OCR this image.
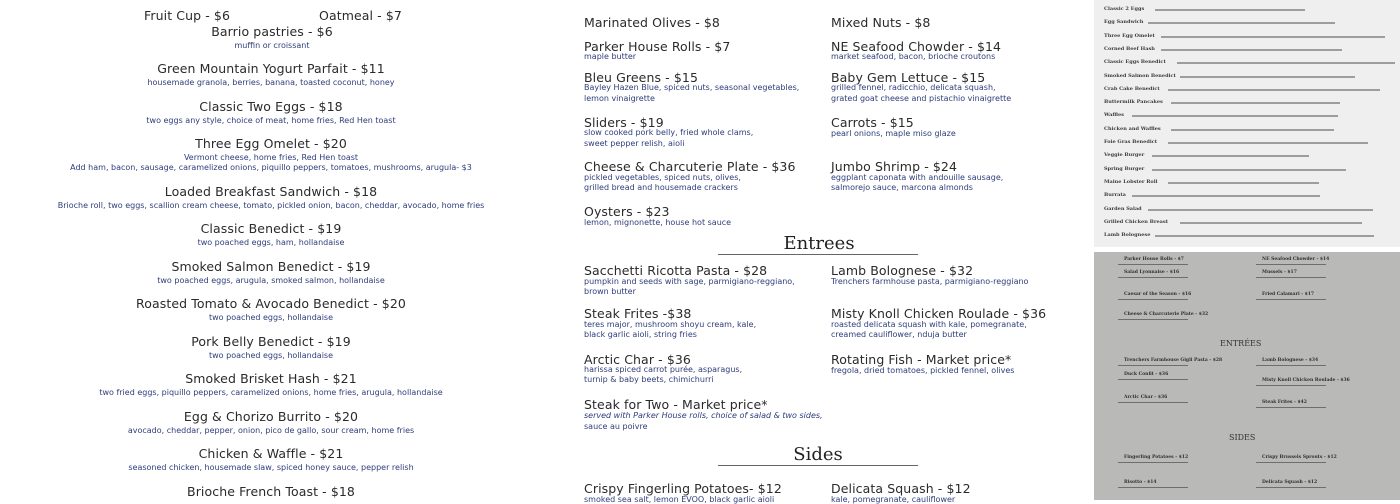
Fruit Cup - $6	Oatmeal - $7
Barrio pastries - $6
muffin or croissant
Green Mountain Yogurt Parfait - $11
housemade granola, berries, banana, toasted coconut, honey
Classic Two Eggs - $18
two eggs any style, choice of meat, home fries, Red Hen toast
Three Egg Omelet - $20
Vermont cheese, home fries, Red Hen toast
Add ham, bacon, sausage, caramelized onions, piquillo peppers, tomatoes, mushrooms, arugula- $3
Loaded Breakfast Sandwich - $18
Brioche roll, two eggs, scallion cream cheese, tomato, pickled onion, bacon, cheddar, avocado, home fries
Classic Benedict - $19
two poached eggs, ham, hollandaise
Smoked Salmon Benedict - $19
two poached eggs, arugula, smoked salmon, hollandaise
Roasted Tomato & Avocado Benedict - $20
two poached eggs, hollandaise
Pork Belly Benedict - $19
two poached eggs, hollandaise
Smoked Brisket Hash - $21
two fried eggs, piquillo peppers, caramelized onions, home fries, arugula, hollandaise
Egg & Chorizo Burrito - $20
avocado, cheddar, pepper, onion, pico de gallo, sour cream, home fries
Chicken & Waffle - $21
seasoned chicken, housemade slaw, spiced honey sauce, pepper relish
Brioche French Toast - $18
Marinated Olives - $8	Mixed Nuts - $8
Parker House Rolls - $7
maple butter
NE Seafood Chowder - $14
market seafood, bacon, brioche croutons
Bleu Greens - $15
Bayley Hazen Blue, spiced nuts, seasonal vegetables,
lemon vinaigrette
Baby Gem Lettuce - $15
grilled fennel, radicchio, delicata squash,
grated goat cheese and pistachio vinaigrette
Sliders - $19
slow cooked pork belly, fried whole clams,
sweet pepper relish, aioli
Carrots - $15
pearl onions, maple miso glaze
Cheese & Charcuterie Plate - $36
pickled vegetables, spiced nuts, olives,
grilled bread and housemade crackers
Jumbo Shrimp - $24
eggplant caponata with andouille sausage,
salmorejo sauce, marcona almonds
Oysters - $23
lemon, mignonette, house hot sauce
Entrees
Sacchetti Ricotta Pasta - $28
pumpkin and seeds with sage, parmigiano-reggiano,
brown butter
Lamb Bolognese - $32
Trenchers farmhouse pasta, parmigiano-reggiano
Steak Frites -$38
teres major, mushroom shoyu cream, kale,
black garlic aioli, string fries
Misty Knoll Chicken Roulade - $36
roasted delicata squash with kale, pomegranate,
creamed cauliflower, nduja butter
Arctic Char - $36
harissa spiced carrot purée, asparagus,
turnip & baby beets, chimichurri
Rotating Fish - Market price*
fregola, dried tomatoes, pickled fennel, olives
Steak for Two - Market price*
served with Parker House rolls, choice of salad & two sides,
sauce au poivre
Sides
Crispy Fingerling Potatoes- $12
smoked sea salt, lemon EVOO, black garlic aioli
Delicata Squash - $12
kale, pomegranate, cauliflower
Classic 2 Eggs
Egg Sandwich
Three Egg Omelet
Corned Beef Hash
Classic Eggs Benedict
Smoked Salmon Benedict
Crab Cake Benedict
Buttermilk Pancakes
Waffles
Chicken and Waffles
Foie Gras Benedict
Veggie Burger
Spring Burger
Maine Lobster Roll
Burrata
Garden Salad
Grilled Chicken Breast
Lamb Bolognese
ENTRÉES
SIDES
Parker House Rolls - $7
Salad Lyonnaise - $16
Caesar of the Season - $16
Cheese & Charcuterie Plate - $32
Trenchers Farmhouse Gigli Pasta - $28
Duck Confit - $36
Arctic Char - $36
Fingerling Potatoes - $12
Risotto - $14
NE Seafood Chowder - $14
Mussels - $17
Fried Calamari - $17
Lamb Bolognese - $34
Misty Knoll Chicken Roulade - $36
Steak Frites - $42
Crispy Brussels Sprouts - $12
Delicata Squash - $12
